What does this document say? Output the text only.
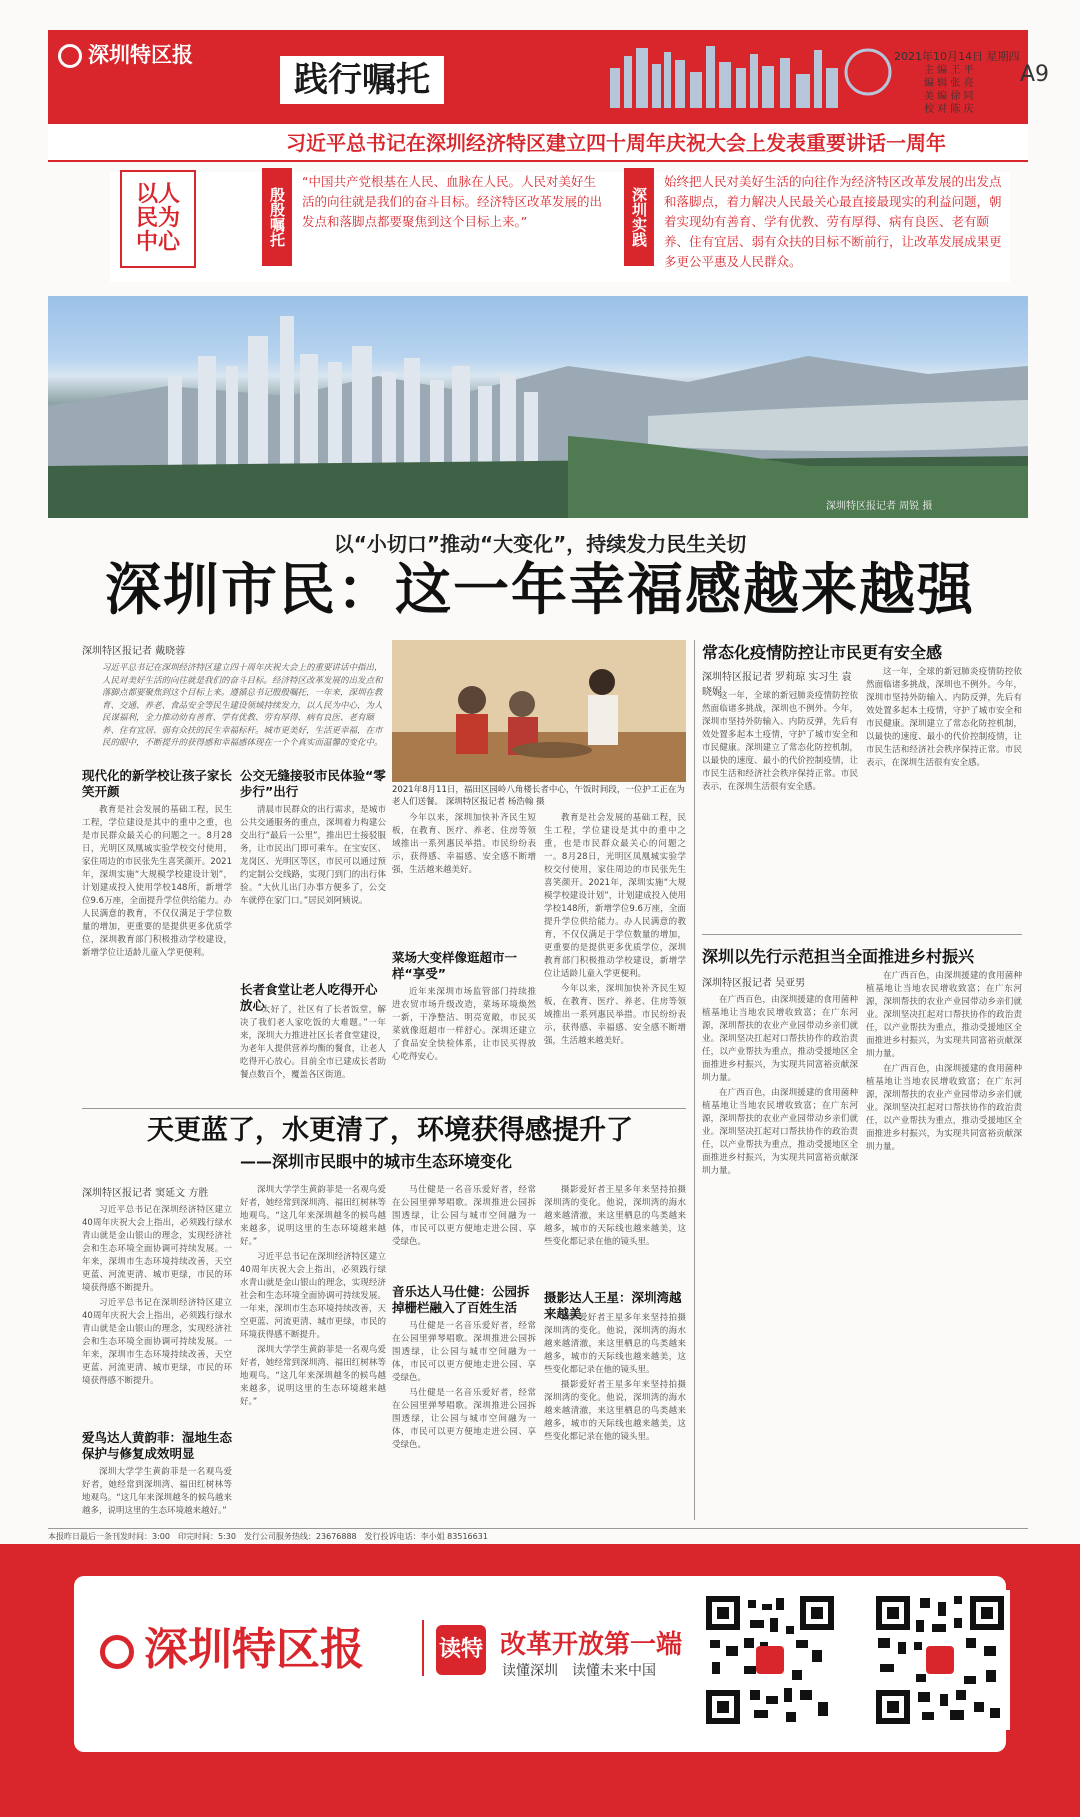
深圳特区报
践行嘱托
2021年10月14日 星期四
A9
主 编 王 平
编 辑 张 亮
美 编 徐 同
校 对 陈 庆
习近平总书记在深圳经济特区建立四十周年庆祝大会上发表重要讲话一周年
以人民为中心	殷殷嘱托
“中国共产党根基在人民、血脉在人民。人民对美好生活的向往就是我们的奋斗目标。经济特区改革发展的出发点和落脚点都要聚焦到这个目标上来。”	深圳实践
始终把人民对美好生活的向往作为经济特区改革发展的出发点和落脚点，着力解决人民最关心最直接最现实的利益问题，朝着实现幼有善育、学有优教、劳有厚得、病有良医、老有颐养、住有宜居、弱有众扶的目标不断前行，让改革发展成果更多更公平惠及人民群众。
深圳特区报记者 周锐 摄
以“小切口”推动“大变化”，持续发力民生关切
深圳市民：这一年幸福感越来越强
深圳特区报记者 戴晓蓉
习近平总书记在深圳经济特区建立四十周年庆祝大会上的重要讲话中指出，人民对美好生活的向往就是我们的奋斗目标。经济特区改革发展的出发点和落脚点都要聚焦到这个目标上来。遵循总书记殷殷嘱托，一年来，深圳在教育、交通、养老、食品安全等民生建设领域持续发力，以人民为中心，为人民谋福利，全力推动幼有善育、学有优教、劳有厚得、病有良医、老有颐养、住有宜居、弱有众扶的民生幸福标杆。城市更美好，生活更幸福，在市民的眼中，不断提升的获得感和幸福感体现在一个个真实而温馨的变化中。
现代化的新学校让孩子家长笑开颜

教育是社会发展的基础工程，民生工程，学位建设是其中的重中之重，也是市民群众最关心的问题之一。8月28日，光明区凤凰城实验学校交付使用，家住周边的市民张先生喜笑颜开。2021年，深圳实施“大规模学校建设计划”，计划建成投入使用学校148所，新增学位9.6万座，全面提升学位供给能力。办人民满意的教育，不仅仅满足于学位数量的增加，更重要的是提供更多优质学位，深圳教育部门积极推动学校建设，新增学位让适龄儿童入学更便利。

公交无缝接驳市民体验“零步行”出行

清晨市民群众的出行需求，是城市公共交通服务的重点，深圳着力构建公交出行“最后一公里”，推出巴士接驳服务，让市民出门即可乘车。在宝安区、龙岗区、光明区等区，市民可以通过预约定制公交线路，实现门到门的出行体验。“大伙儿出门办事方便多了，公交车就停在家门口。”居民刘阿姨说。

长者食堂让老人吃得开心放心

“太好了，社区有了长者饭堂，解决了我们老人家吃饭的大难题。”一年来，深圳大力推进社区长者食堂建设，为老年人提供营养均衡的餐食，让老人吃得开心放心。目前全市已建成长者助餐点数百个，覆盖各区街道。

2021年8月11日，福田区园岭八角楼长者中心，午饭时间段，一位护工正在为老人们送餐。 深圳特区报记者 杨浩翰 摄

今年以来，深圳加快补齐民生短板，在教育、医疗、养老、住房等领域推出一系列惠民举措。市民纷纷表示，获得感、幸福感、安全感不断增强，生活越来越美好。

菜场大变样像逛超市一样“享受”

近年来深圳市场监管部门持续推进农贸市场升级改造，菜场环境焕然一新，干净整洁、明亮宽敞，市民买菜就像逛超市一样舒心。深圳还建立了食品安全快检体系，让市民买得放心吃得安心。

教育是社会发展的基础工程，民生工程，学位建设是其中的重中之重，也是市民群众最关心的问题之一。8月28日，光明区凤凰城实验学校交付使用，家住周边的市民张先生喜笑颜开。2021年，深圳实施“大规模学校建设计划”，计划建成投入使用学校148所，新增学位9.6万座，全面提升学位供给能力。办人民满意的教育，不仅仅满足于学位数量的增加，更重要的是提供更多优质学位，深圳教育部门积极推动学校建设，新增学位让适龄儿童入学更便利。

今年以来，深圳加快补齐民生短板，在教育、医疗、养老、住房等领域推出一系列惠民举措。市民纷纷表示，获得感、幸福感、安全感不断增强，生活越来越美好。

常态化疫情防控让市民更有安全感
深圳特区报记者 罗莉琼 实习生 袁晓妮

这一年，全球的新冠肺炎疫情防控依然面临诸多挑战，深圳也不例外。今年，深圳市坚持外防输入、内防反弹，先后有效处置多起本土疫情，守护了城市安全和市民健康。深圳建立了常态化防控机制，以最快的速度、最小的代价控制疫情，让市民生活和经济社会秩序保持正常。市民表示，在深圳生活很有安全感。

这一年，全球的新冠肺炎疫情防控依然面临诸多挑战，深圳也不例外。今年，深圳市坚持外防输入、内防反弹，先后有效处置多起本土疫情，守护了城市安全和市民健康。深圳建立了常态化防控机制，以最快的速度、最小的代价控制疫情，让市民生活和经济社会秩序保持正常。市民表示，在深圳生活很有安全感。

深圳以先行示范担当全面推进乡村振兴
深圳特区报记者 吴亚男

在广西百色，由深圳援建的食用菌种植基地让当地农民增收致富；在广东河源，深圳帮扶的农业产业园带动乡亲们就业。深圳坚决扛起对口帮扶协作的政治责任，以产业帮扶为重点，推动受援地区全面推进乡村振兴，为实现共同富裕贡献深圳力量。

在广西百色，由深圳援建的食用菌种植基地让当地农民增收致富；在广东河源，深圳帮扶的农业产业园带动乡亲们就业。深圳坚决扛起对口帮扶协作的政治责任，以产业帮扶为重点，推动受援地区全面推进乡村振兴，为实现共同富裕贡献深圳力量。

在广西百色，由深圳援建的食用菌种植基地让当地农民增收致富；在广东河源，深圳帮扶的农业产业园带动乡亲们就业。深圳坚决扛起对口帮扶协作的政治责任，以产业帮扶为重点，推动受援地区全面推进乡村振兴，为实现共同富裕贡献深圳力量。

在广西百色，由深圳援建的食用菌种植基地让当地农民增收致富；在广东河源，深圳帮扶的农业产业园带动乡亲们就业。深圳坚决扛起对口帮扶协作的政治责任，以产业帮扶为重点，推动受援地区全面推进乡村振兴，为实现共同富裕贡献深圳力量。

天更蓝了，水更清了，环境获得感提升了
——深圳市民眼中的城市生态环境变化
深圳特区报记者 窦延文 方胜

习近平总书记在深圳经济特区建立40周年庆祝大会上指出，必须践行绿水青山就是金山银山的理念，实现经济社会和生态环境全面协调可持续发展。一年来，深圳市生态环境持续改善，天空更蓝、河流更清、城市更绿，市民的环境获得感不断提升。

习近平总书记在深圳经济特区建立40周年庆祝大会上指出，必须践行绿水青山就是金山银山的理念，实现经济社会和生态环境全面协调可持续发展。一年来，深圳市生态环境持续改善，天空更蓝、河流更清、城市更绿，市民的环境获得感不断提升。

爱鸟达人黄韵菲：湿地生态保护与修复成效明显

深圳大学学生黄韵菲是一名观鸟爱好者，她经常到深圳湾、福田红树林等地观鸟。“这几年来深圳越冬的候鸟越来越多，说明这里的生态环境越来越好。”

深圳大学学生黄韵菲是一名观鸟爱好者，她经常到深圳湾、福田红树林等地观鸟。“这几年来深圳越冬的候鸟越来越多，说明这里的生态环境越来越好。”

习近平总书记在深圳经济特区建立40周年庆祝大会上指出，必须践行绿水青山就是金山银山的理念，实现经济社会和生态环境全面协调可持续发展。一年来，深圳市生态环境持续改善，天空更蓝、河流更清、城市更绿，市民的环境获得感不断提升。

深圳大学学生黄韵菲是一名观鸟爱好者，她经常到深圳湾、福田红树林等地观鸟。“这几年来深圳越冬的候鸟越来越多，说明这里的生态环境越来越好。”

马仕健是一名音乐爱好者，经常在公园里弹琴唱歌。深圳推进公园拆围透绿，让公园与城市空间融为一体，市民可以更方便地走进公园、享受绿色。

音乐达人马仕健：公园拆掉栅栏融入了百姓生活

马仕健是一名音乐爱好者，经常在公园里弹琴唱歌。深圳推进公园拆围透绿，让公园与城市空间融为一体，市民可以更方便地走进公园、享受绿色。

马仕健是一名音乐爱好者，经常在公园里弹琴唱歌。深圳推进公园拆围透绿，让公园与城市空间融为一体，市民可以更方便地走进公园、享受绿色。

摄影爱好者王星多年来坚持拍摄深圳湾的变化。他说，深圳湾的海水越来越清澈，来这里栖息的鸟类越来越多，城市的天际线也越来越美，这些变化都记录在他的镜头里。

摄影达人王星：深圳湾越来越美

摄影爱好者王星多年来坚持拍摄深圳湾的变化。他说，深圳湾的海水越来越清澈，来这里栖息的鸟类越来越多，城市的天际线也越来越美，这些变化都记录在他的镜头里。

摄影爱好者王星多年来坚持拍摄深圳湾的变化。他说，深圳湾的海水越来越清澈，来这里栖息的鸟类越来越多，城市的天际线也越来越美，这些变化都记录在他的镜头里。

本报昨日最后一条刊发时间：3:00　印完时间：5:30　发行公司服务热线：23676888　发行投诉电话：李小姐 83516631
深圳特区报	读特 改革开放第一端
读懂深圳　读懂未来中国
